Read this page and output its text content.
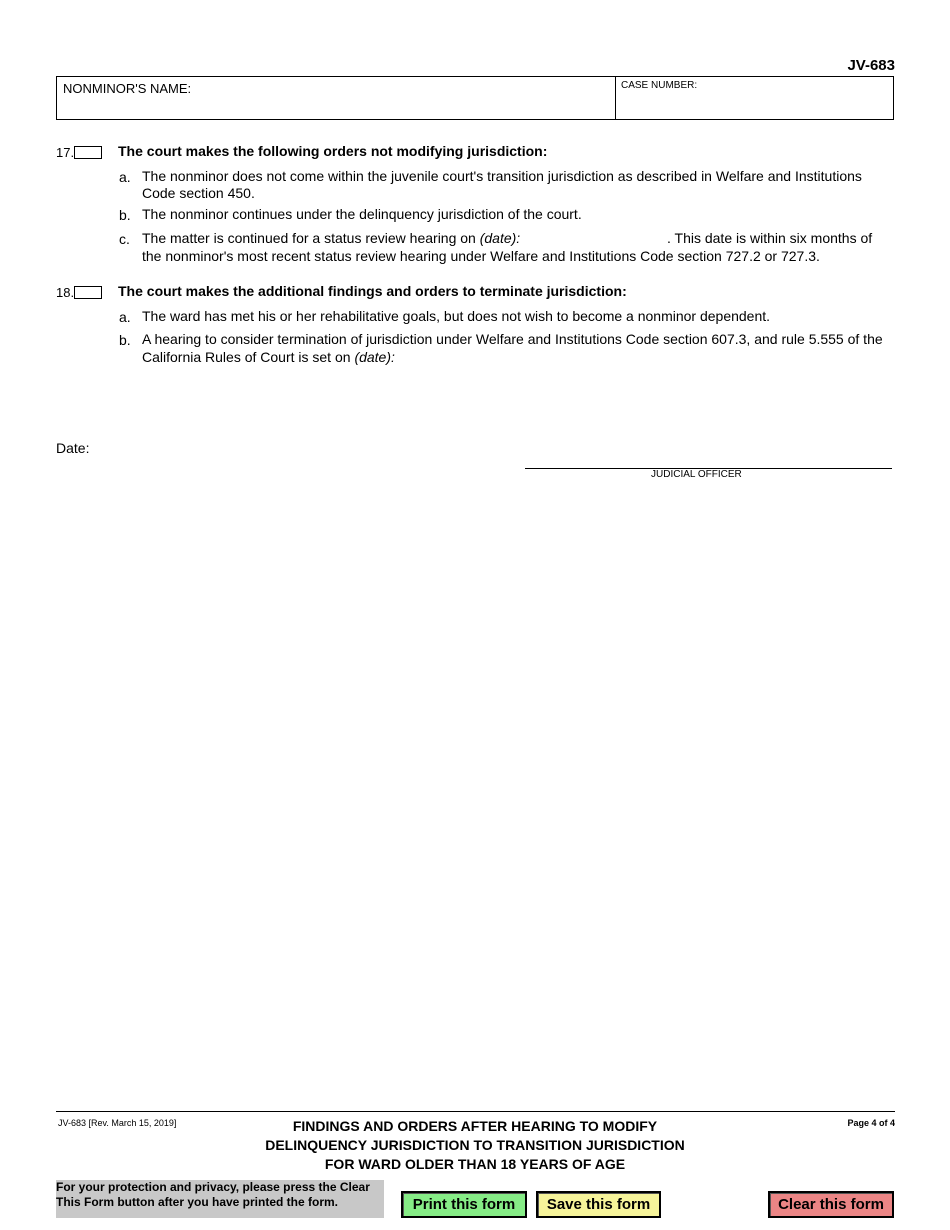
JV-683
NONMINOR'S NAME:	CASE NUMBER:
17.	The court makes the following orders not modifying jurisdiction:
a. The nonminor does not come within the juvenile court's transition jurisdiction as described in Welfare and Institutions Code section 450.
b. The nonminor continues under the delinquency jurisdiction of the court.
c. The matter is continued for a status review hearing on (date):	. This date is within six months of
the nonminor's most recent status review hearing under Welfare and Institutions Code section 727.2 or 727.3.
18.	The court makes the additional findings and orders to terminate jurisdiction:
a. The ward has met his or her rehabilitative goals, but does not wish to become a nonminor dependent.
b. A hearing to consider termination of jurisdiction under Welfare and Institutions Code section 607.3, and rule 5.555 of the
California Rules of Court is set on (date):
Date:
JUDICIAL OFFICER
JV-683 [Rev. March 15, 2019]	FINDINGS AND ORDERS AFTER HEARING TO MODIFY
DELINQUENCY JURISDICTION TO TRANSITION JURISDICTION
FOR WARD OLDER THAN 18 YEARS OF AGE
Page 4 of 4
For your protection and privacy, please press the Clear
This Form button after you have printed the form.	Print this form	Save this form	Clear this form
